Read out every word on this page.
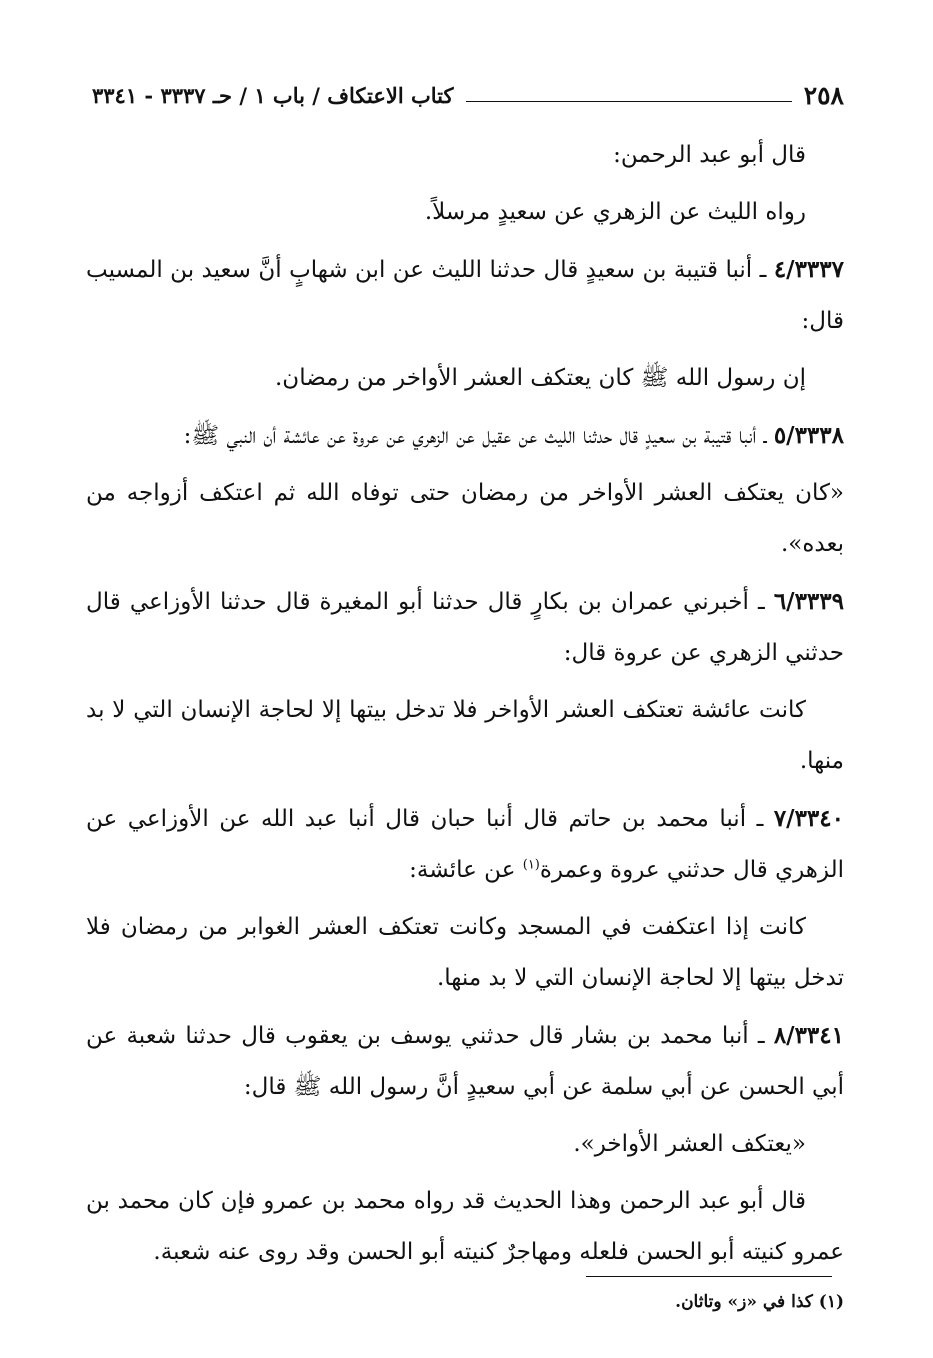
٢٥٨
كتاب الاعتكاف / باب ١ / حـ ٣٣٣٧ - ٣٣٤١

قال أبو عبد الرحمن:

رواه الليث عن الزهري عن سعيدٍ مرسلاً.

٤/٣٣٣٧ ـ أنبا قتيبة بن سعيدٍ قال حدثنا الليث عن ابن شهابٍ أنَّ سعيد بن المسيب قال:

إن رسول الله ﷺ كان يعتكف العشر الأواخر من رمضان.

٥/٣٣٣٨ ـ أنبا قتيبة بن سعيدٍ قال حدثنا الليث عن عقيل عن الزهري عن عروة عن عائشة أن النبي ﷺ:

«كان يعتكف العشر الأواخر من رمضان حتى توفاه الله ثم اعتكف أزواجه من بعده».

٦/٣٣٣٩ ـ أخبرني عمران بن بكارٍ قال حدثنا أبو المغيرة قال حدثنا الأوزاعي قال حدثني الزهري عن عروة قال:

كانت عائشة تعتكف العشر الأواخر فلا تدخل بيتها إلا لحاجة الإنسان التي لا بد منها.

٧/٣٣٤٠ ـ أنبا محمد بن حاتم قال أنبا حبان قال أنبا عبد الله عن الأوزاعي عن الزهري قال حدثني عروة وعمرة$^{(١)}$ عن عائشة:

كانت إذا اعتكفت في المسجد وكانت تعتكف العشر الغوابر من رمضان فلا تدخل بيتها إلا لحاجة الإنسان التي لا بد منها.

٨/٣٣٤١ ـ أنبا محمد بن بشار قال حدثني يوسف بن يعقوب قال حدثنا شعبة عن أبي الحسن عن أبي سلمة عن أبي سعيدٍ أنَّ رسول الله ﷺ قال:

«يعتكف العشر الأواخر».

قال أبو عبد الرحمن وهذا الحديث قد رواه محمد بن عمرو فإن كان محمد بن عمرو كنيته أبو الحسن فلعله ومهاجرٌ كنيته أبو الحسن وقد روى عنه شعبة.

(١) كذا في «ز» وتاثان.
